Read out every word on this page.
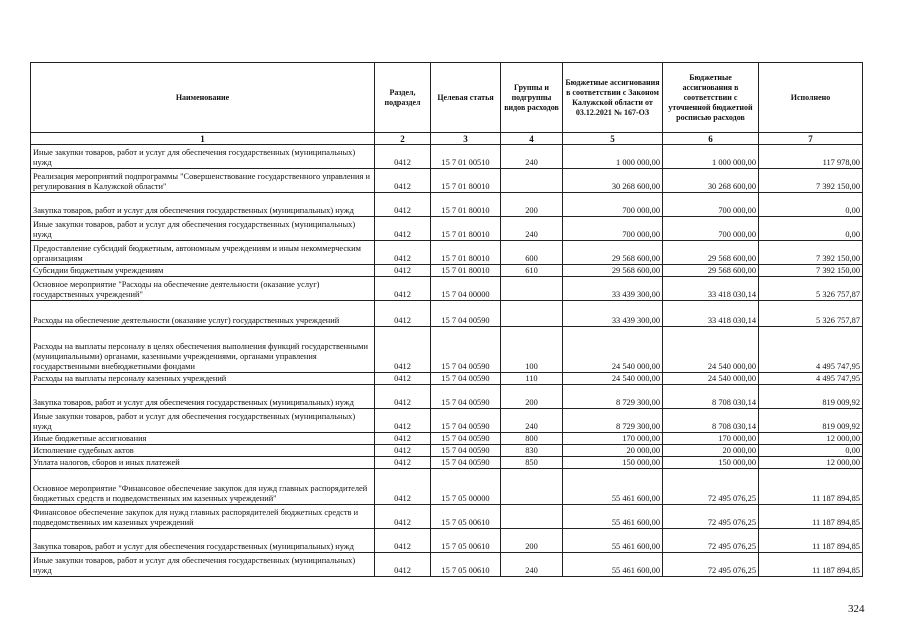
Наименование	Раздел, подраздел	Целевая статья	Группы и подгруппы видов расходов	Бюджетные ассигнования в соответствии с Законом Калужской области от 03.12.2021 № 167-ОЗ	Бюджетные ассигнования в соответствии с уточненной бюджетной росписью расходов	Исполнено
1	2	3	4	5	6	7
Иные закупки товаров, работ и услуг для обеспечения государственных (муниципальных) нужд	0412	15 7 01 00510	240	1 000 000,00	1 000 000,00	117 978,00
Реализация мероприятий подпрограммы "Совершенствование государственного управления и регулирования в Калужской области"	0412	15 7 01 80010		30 268 600,00	30 268 600,00	7 392 150,00
Закупка товаров, работ и услуг для обеспечения государственных (муниципальных) нужд	0412	15 7 01 80010	200	700 000,00	700 000,00	0,00
Иные закупки товаров, работ и услуг для обеспечения государственных (муниципальных) нужд	0412	15 7 01 80010	240	700 000,00	700 000,00	0,00
Предоставление субсидий бюджетным, автономным учреждениям и иным некоммерческим организациям	0412	15 7 01 80010	600	29 568 600,00	29 568 600,00	7 392 150,00
Субсидии бюджетным учреждениям	0412	15 7 01 80010	610	29 568 600,00	29 568 600,00	7 392 150,00
Основное мероприятие "Расходы на обеспечение деятельности (оказание услуг) государственных учреждений"	0412	15 7 04 00000		33 439 300,00	33 418 030,14	5 326 757,87
Расходы на обеспечение деятельности (оказание услуг) государственных учреждений	0412	15 7 04 00590		33 439 300,00	33 418 030,14	5 326 757,87
Расходы на выплаты персоналу в целях обеспечения выполнения функций государственными (муниципальными) органами, казенными учреждениями, органами управления государственными внебюджетными фондами	0412	15 7 04 00590	100	24 540 000,00	24 540 000,00	4 495 747,95
Расходы на выплаты персоналу казенных учреждений	0412	15 7 04 00590	110	24 540 000,00	24 540 000,00	4 495 747,95
Закупка товаров, работ и услуг для обеспечения государственных (муниципальных) нужд	0412	15 7 04 00590	200	8 729 300,00	8 708 030,14	819 009,92
Иные закупки товаров, работ и услуг для обеспечения государственных (муниципальных) нужд	0412	15 7 04 00590	240	8 729 300,00	8 708 030,14	819 009,92
Иные бюджетные ассигнования	0412	15 7 04 00590	800	170 000,00	170 000,00	12 000,00
Исполнение судебных актов	0412	15 7 04 00590	830	20 000,00	20 000,00	0,00
Уплата налогов, сборов и иных платежей	0412	15 7 04 00590	850	150 000,00	150 000,00	12 000,00
Основное мероприятие "Финансовое обеспечение закупок для нужд главных распорядителей бюджетных средств и подведомственных им казенных учреждений"	0412	15 7 05 00000		55 461 600,00	72 495 076,25	11 187 894,85
Финансовое обеспечение закупок для нужд главных распорядителей бюджетных средств и подведомственных им казенных учреждений	0412	15 7 05 00610		55 461 600,00	72 495 076,25	11 187 894,85
Закупка товаров, работ и услуг для обеспечения государственных (муниципальных) нужд	0412	15 7 05 00610	200	55 461 600,00	72 495 076,25	11 187 894,85
Иные закупки товаров, работ и услуг для обеспечения государственных (муниципальных) нужд	0412	15 7 05 00610	240	55 461 600,00	72 495 076,25	11 187 894,85
324
